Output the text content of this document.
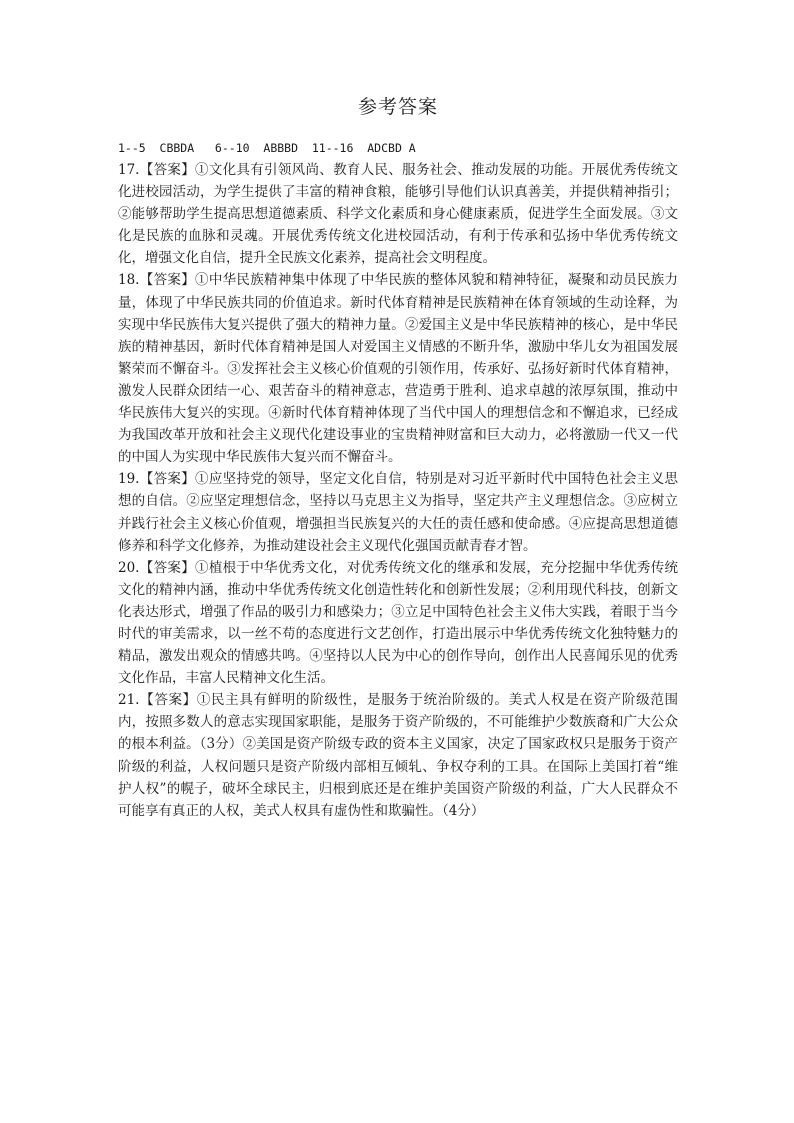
参考答案
1--5  CBBDA   6--10  ABBBD  11--16  ADCBD A

17.【答案】①文化具有引领风尚、教育人民、服务社会、推动发展的功能。开展优秀传统文化进校园活动，为学生提供了丰富的精神食粮，能够引导他们认识真善美，并提供精神指引；②能够帮助学生提高思想道德素质、科学文化素质和身心健康素质，促进学生全面发展。③文化是民族的血脉和灵魂。开展优秀传统文化进校园活动，有利于传承和弘扬中华优秀传统文化，增强文化自信，提升全民族文化素养，提高社会文明程度。

18.【答案】①中华民族精神集中体现了中华民族的整体风貌和精神特征，凝聚和动员民族力量，体现了中华民族共同的价值追求。新时代体育精神是民族精神在体育领域的生动诠释，为实现中华民族伟大复兴提供了强大的精神力量。②爱国主义是中华民族精神的核心，是中华民族的精神基因，新时代体育精神是国人对爱国主义情感的不断升华，激励中华儿女为祖国发展繁荣而不懈奋斗。③发挥社会主义核心价值观的引领作用，传承好、弘扬好新时代体育精神，激发人民群众团结一心、艰苦奋斗的精神意志，营造勇于胜利、追求卓越的浓厚氛围，推动中华民族伟大复兴的实现。④新时代体育精神体现了当代中国人的理想信念和不懈追求，已经成为我国改革开放和社会主义现代化建设事业的宝贵精神财富和巨大动力，必将激励一代又一代的中国人为实现中华民族伟大复兴而不懈奋斗。

19.【答案】①应坚持党的领导，坚定文化自信，特别是对习近平新时代中国特色社会主义思想的自信。②应坚定理想信念，坚持以马克思主义为指导，坚定共产主义理想信念。③应树立并践行社会主义核心价值观，增强担当民族复兴的大任的责任感和使命感。④应提高思想道德修养和科学文化修养，为推动建设社会主义现代化强国贡献青春才智。

20.【答案】①植根于中华优秀文化，对优秀传统文化的继承和发展，充分挖掘中华优秀传统文化的精神内涵，推动中华优秀传统文化创造性转化和创新性发展；②利用现代科技，创新文化表达形式，增强了作品的吸引力和感染力；③立足中国特色社会主义伟大实践，着眼于当今时代的审美需求，以一丝不苟的态度进行文艺创作，打造出展示中华优秀传统文化独特魅力的精品，激发出观众的情感共鸣。④坚持以人民为中心的创作导向，创作出人民喜闻乐见的优秀文化作品，丰富人民精神文化生活。

21.【答案】①民主具有鲜明的阶级性，是服务于统治阶级的。美式人权是在资产阶级范围内，按照多数人的意志实现国家职能，是服务于资产阶级的，不可能维护少数族裔和广大公众的根本利益。（3分）②美国是资产阶级专政的资本主义国家，决定了国家政权只是服务于资产阶级的利益，人权问题只是资产阶级内部相互倾轧、争权夺利的工具。在国际上美国打着“维护人权”的幌子，破坏全球民主，归根到底还是在维护美国资产阶级的利益，广大人民群众不可能享有真正的人权，美式人权具有虚伪性和欺骗性。（4分）
